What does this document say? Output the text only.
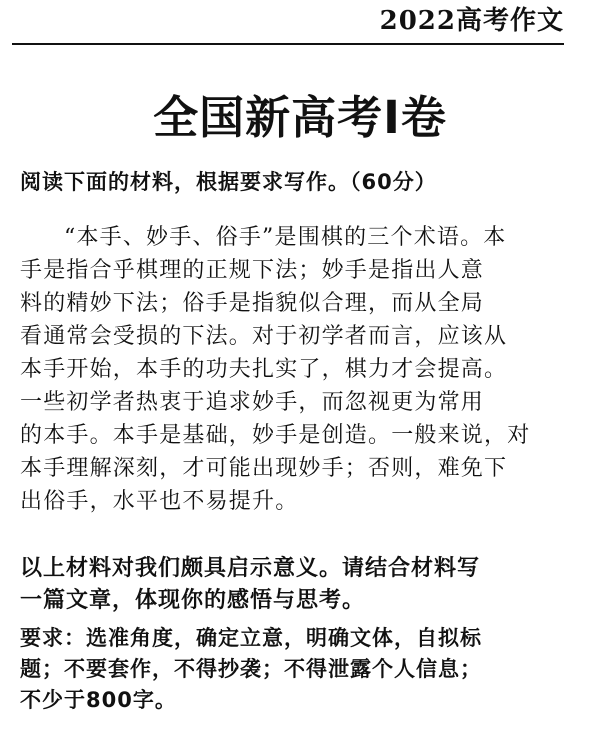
2022高考作文
全国新高考Ⅰ卷
阅读下面的材料，根据要求写作。（60分）
“本手、妙手、俗手”是围棋的三个术语。本
手是指合乎棋理的正规下法；妙手是指出人意
料的精妙下法；俗手是指貌似合理，而从全局
看通常会受损的下法。对于初学者而言，应该从
本手开始，本手的功夫扎实了，棋力才会提高。
一些初学者热衷于追求妙手，而忽视更为常用
的本手。本手是基础，妙手是创造。一般来说，对
本手理解深刻，才可能出现妙手；否则，难免下
出俗手，水平也不易提升。
以上材料对我们颇具启示意义。请结合材料写
一篇文章，体现你的感悟与思考。
要求：选准角度，确定立意，明确文体，自拟标
题；不要套作，不得抄袭；不得泄露个人信息；
不少于800字。
